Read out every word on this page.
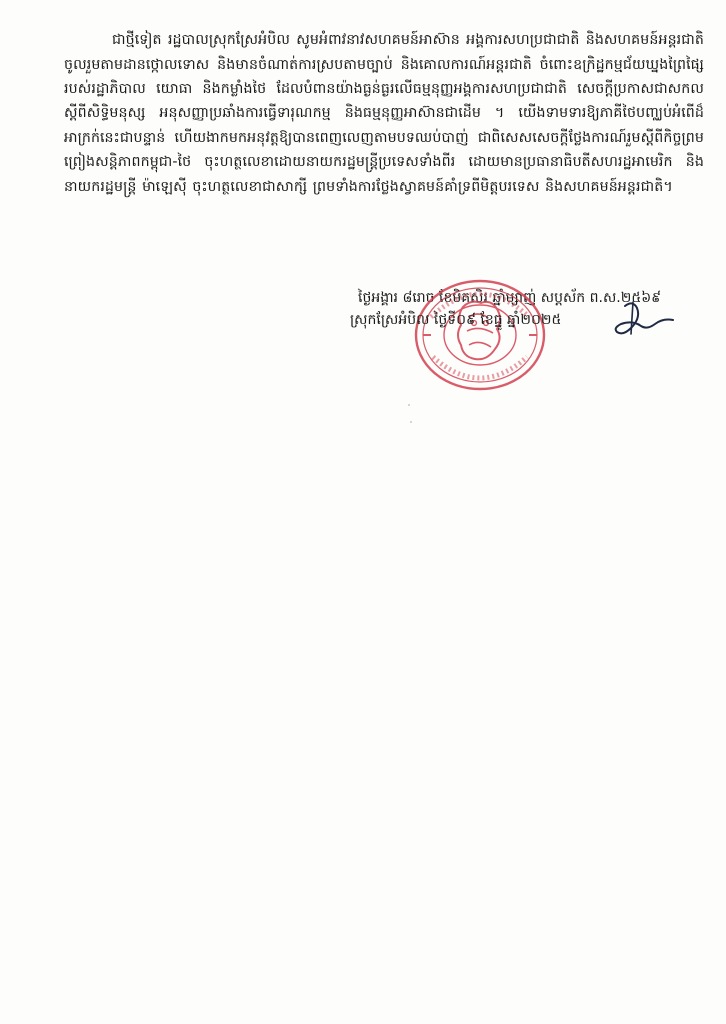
ជាថ្មីទៀត រដ្ឋបាលស្រុកស្រែអំបិល សូមអំពាវនាវសហគមន៍អាស៊ាន អង្គការសហប្រជាជាតិ និងសហគមន៍អន្តរជាតិ ចូលរួមតាមដានថ្កោលទោស និងមានចំណាត់ការស្របតាមច្បាប់ និងគោលការណ៍អន្តរជាតិ ចំពោះឧក្រិដ្ឋកម្មជ័យឃ្នងព្រៃផ្សៃរបស់រដ្ឋាភិបាល យោធា និងកម្លាំងថៃ ដែលបំពានយ៉ាងធ្ងន់ធ្ងរលើធម្មនុញ្ញអង្គការសហប្រជាជាតិ សេចក្តីប្រកាសជាសកលស្តីពីសិទ្ធិមនុស្ស អនុសញ្ញាប្រឆាំងការធ្វើទារុណកម្ម និងធម្មនុញ្ញអាស៊ានជាដើម ។ យើងទាមទារឱ្យភាគីថៃបញ្ឈប់អំពើដ៏អាក្រក់នេះជាបន្ទាន់ ហើយងាកមកអនុវត្តឱ្យបានពេញលេញតាមបទឈប់បាញ់ ជាពិសេសសេចក្តីថ្លែងការណ៍រួមស្តីពីកិច្ចព្រមព្រៀងសន្តិភាពកម្ពុជា-ថៃ ចុះហត្ថលេខាដោយនាយករដ្ឋមន្ត្រីប្រទេសទាំងពីរ ដោយមានប្រធានាធិបតីសហរដ្ឋអាមេរិក និងនាយករដ្ឋមន្ត្រី ម៉ាឡេស៊ី ចុះហត្ថលេខាជាសាក្សី ព្រមទាំងការថ្លែងស្វាគមន៍គាំទ្រពីមិត្តបរទេស និងសហគមន៍អន្តរជាតិ។

ថ្ងៃអង្គារ ៨រោច ខែមិគសិរ ឆ្នាំម្សាញ់ សប្តស័ក ព.ស.២៥៦៩
ស្រុកស្រែអំបិល ថ្ងៃទី០៩ ខែធ្នូ ឆ្នាំ២០២៥
